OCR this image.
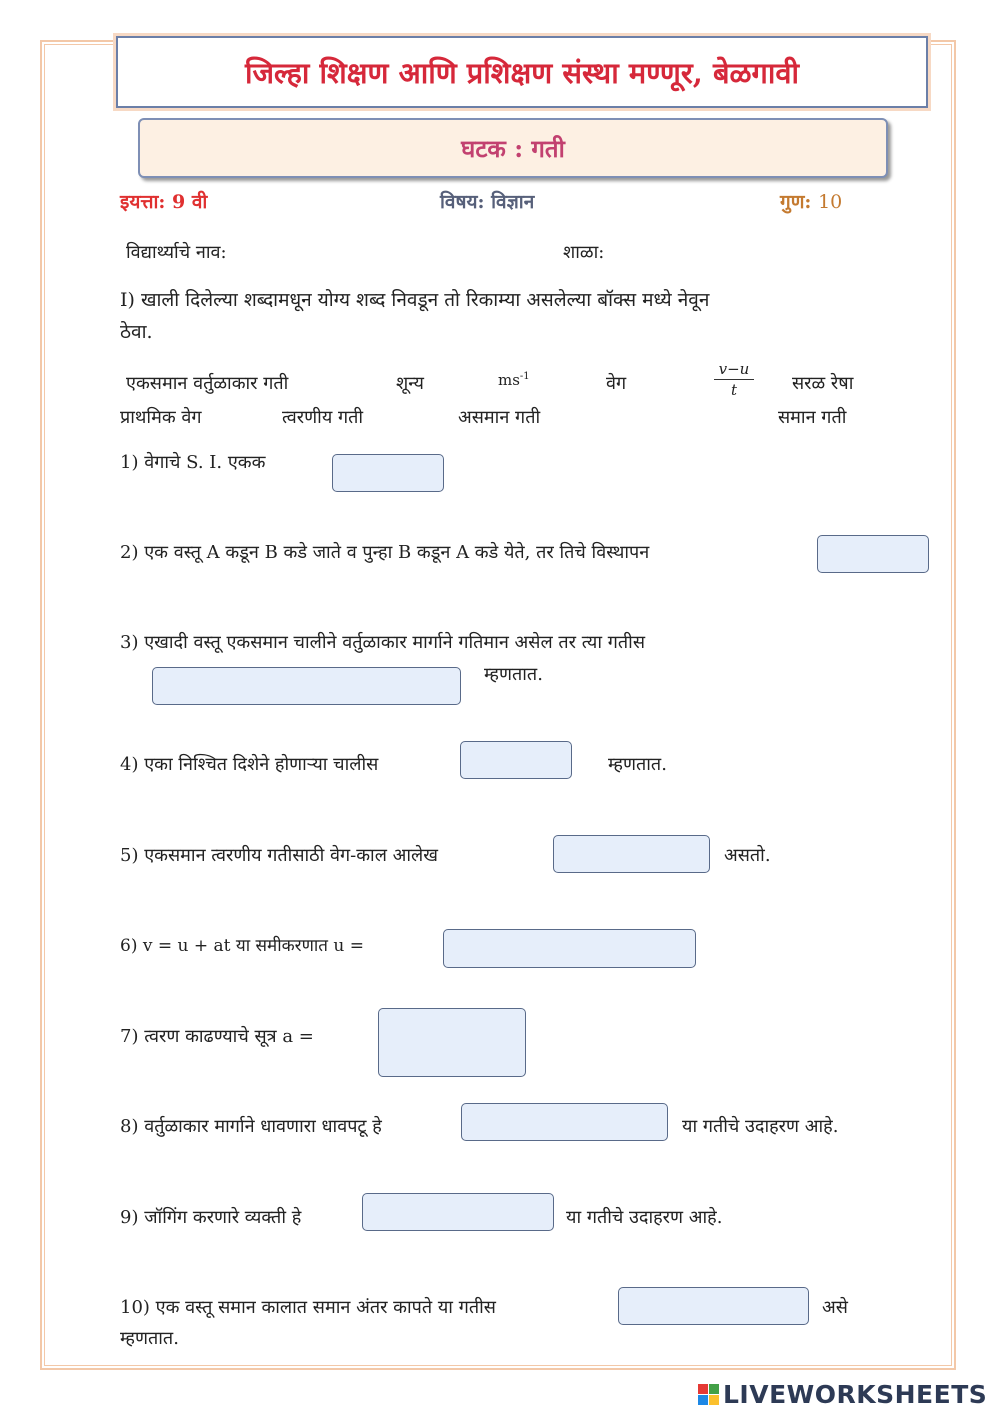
जिल्हा शिक्षण आणि प्रशिक्षण संस्था मण्णूर, बेळगावी
घटक : गती
इयत्ता: 9 वी	विषय: विज्ञान	गुण: 10
विद्यार्थ्याचे नाव:	शाळा:
I) खाली दिलेल्या शब्दामधून योग्य शब्द निवडून तो रिकाम्या असलेल्या बॉक्स मध्ये नेवून
ठेवा.
एकसमान वर्तुळाकार गती	शून्य	$ms^{-1}$	वेग
v−u
t	सरळ रेषा
प्राथमिक वेग	त्वरणीय गती	असमान गती	समान गती
1) वेगाचे S. I. एकक
2) एक वस्तू A कडून B कडे जाते व पुन्हा B कडून A कडे येते, तर तिचे विस्थापन
3) एखादी वस्तू एकसमान चालीने वर्तुळाकार मार्गाने गतिमान असेल तर त्या गतीस
म्हणतात.
4) एका निश्चित दिशेने होणाऱ्या चालीस	म्हणतात.
5) एकसमान त्वरणीय गतीसाठी वेग-काल आलेख	असतो.
6) v = u + at या समीकरणात u =
7) त्वरण काढण्याचे सूत्र a =
8) वर्तुळाकार मार्गाने धावणारा धावपटू हे	या गतीचे उदाहरण आहे.
9) जॉगिंग करणारे व्यक्ती हे	या गतीचे उदाहरण आहे.
10) एक वस्तू समान कालात समान अंतर कापते या गतीस	असे
म्हणतात.
LIVEWORKSHEETS
